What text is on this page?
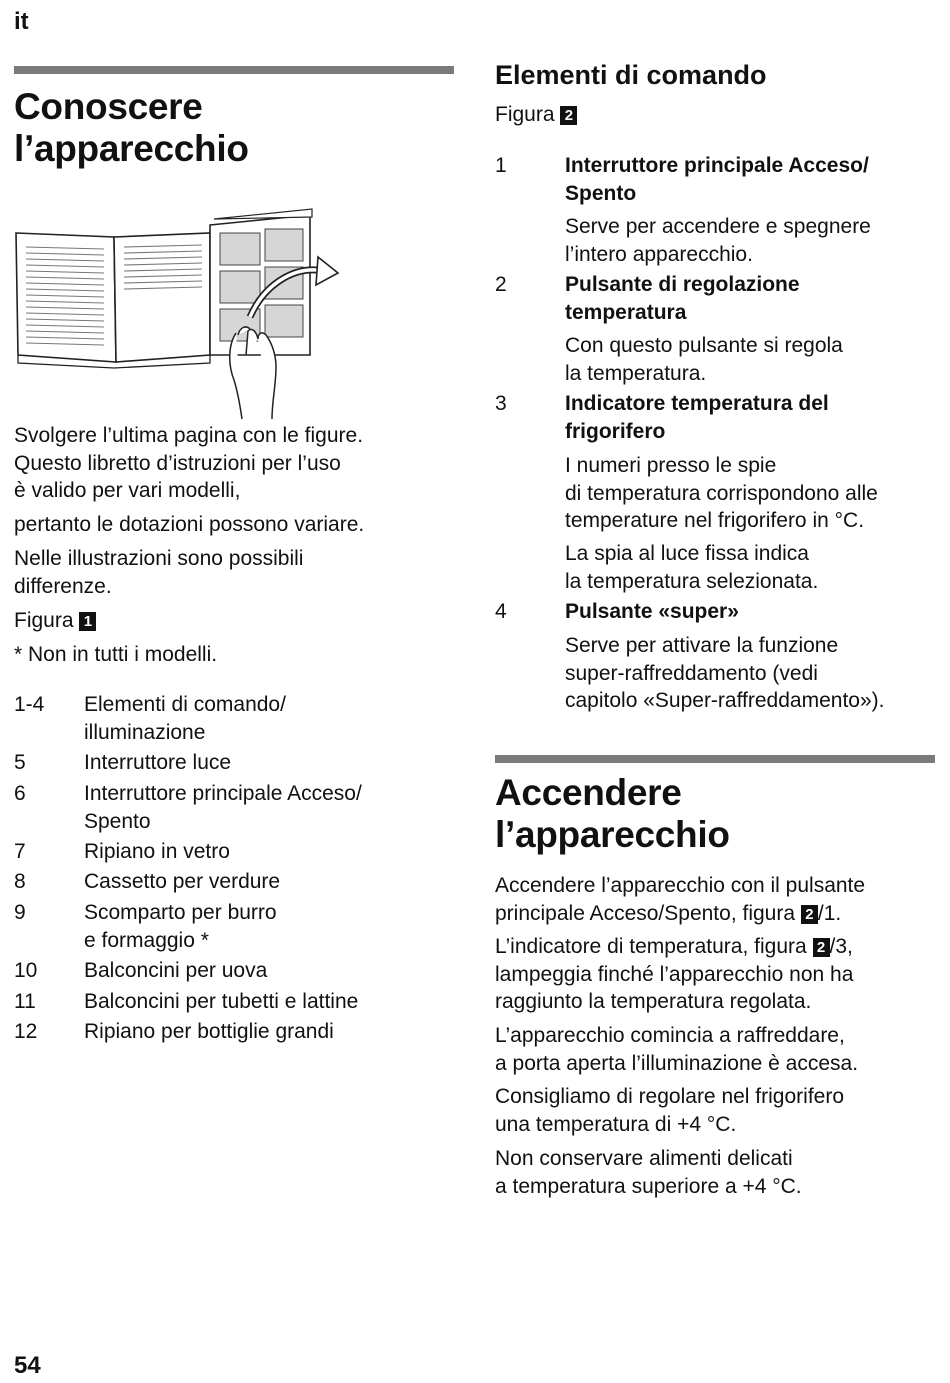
it
54
Conoscere
l’apparecchio
Svolgere l’ultima pagina con le figure.
Questo libretto d’istruzioni per l’uso
è valido per vari modelli,
pertanto le dotazioni possono variare.
Nelle illustrazioni sono possibili
differenze.
Figura 1
* Non in tutti i modelli.
1-4	Elementi di comando/
illuminazione
5	Interruttore luce
6	Interruttore principale Acceso/
Spento
7	Ripiano in vetro
8	Cassetto per verdure
9	Scomparto per burro
e formaggio *
10	Balconcini per uova
11	Balconcini per tubetti e lattine
12	Ripiano per bottiglie grandi
Elementi di comando
Figura 2
1	Interruttore principale Acceso/
Spento
Serve per accendere e spegnere
l’intero apparecchio.
2	Pulsante di regolazione
temperatura
Con questo pulsante si regola
la temperatura.
3	Indicatore temperatura del
frigorifero
I numeri presso le spie
di temperatura corrispondono alle
temperature nel frigorifero in °C.
La spia al luce fissa indica
la temperatura selezionata.
4	Pulsante «super»
Serve per attivare la funzione
super-raffreddamento (vedi
capitolo «Super-raffreddamento»).
Accendere
l’apparecchio
Accendere l’apparecchio con il pulsante
principale Acceso/Spento, figura 2 /1.
L’indicatore di temperatura, figura 2 /3,
lampeggia finché l’apparecchio non ha
raggiunto la temperatura regolata.
L’apparecchio comincia a raffreddare,
a porta aperta l’illuminazione è accesa.
Consigliamo di regolare nel frigorifero
una temperatura di +4 °C.
Non conservare alimenti delicati
a temperatura superiore a +4 °C.
